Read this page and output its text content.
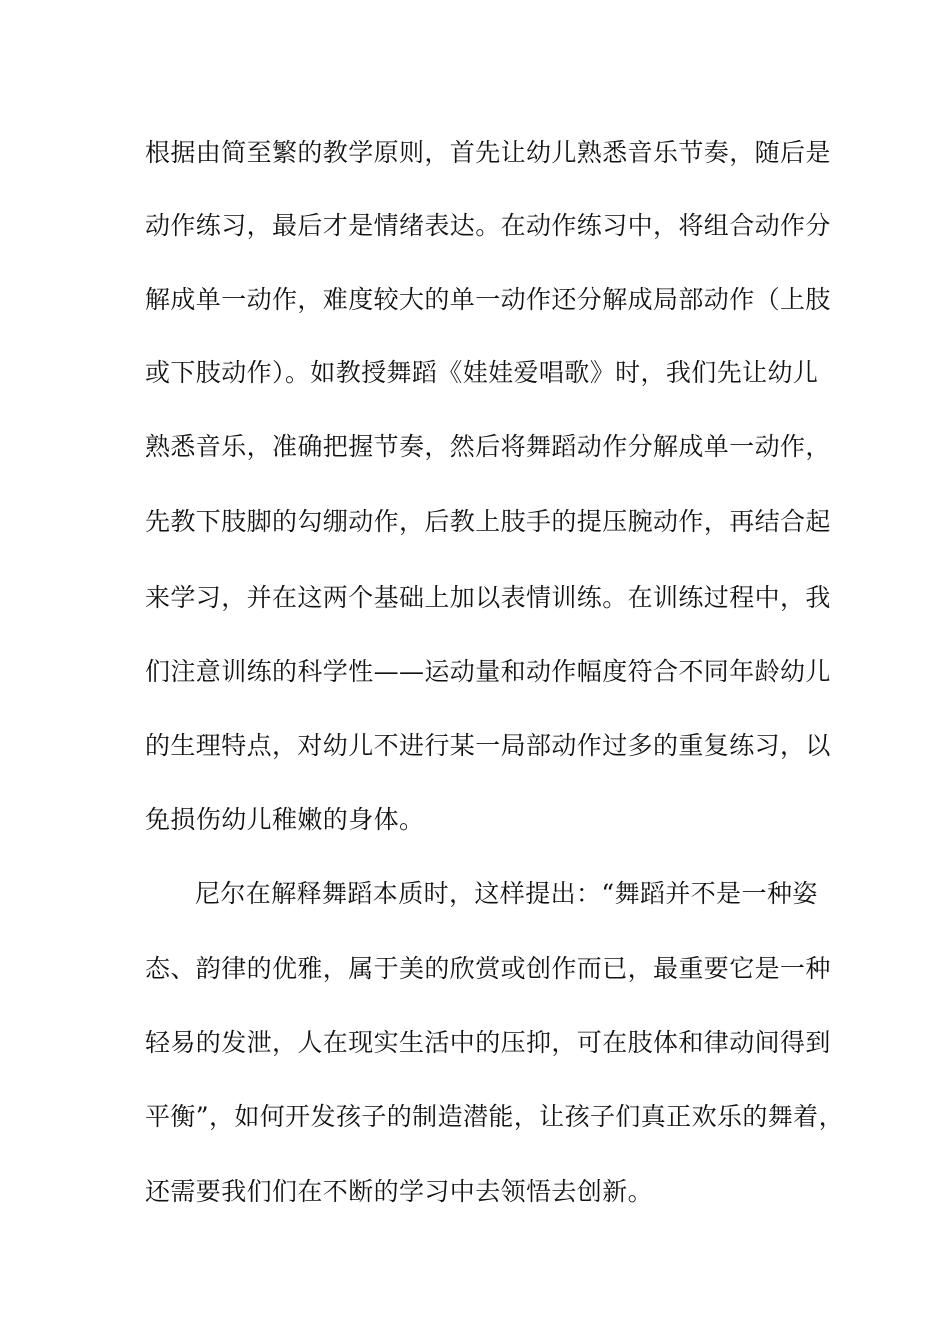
根据由简至繁的教学原则，首先让幼儿熟悉音乐节奏，随后是

动作练习，最后才是情绪表达。在动作练习中，将组合动作分

解成单一动作，难度较大的单一动作还分解成局部动作（上肢

或下肢动作）。如教授舞蹈《娃娃爱唱歌》时，我们先让幼儿

熟悉音乐，准确把握节奏，然后将舞蹈动作分解成单一动作，

先教下肢脚的勾绷动作，后教上肢手的提压腕动作，再结合起

来学习，并在这两个基础上加以表情训练。在训练过程中，我

们注意训练的科学性——运动量和动作幅度符合不同年龄幼儿

的生理特点，对幼儿不进行某一局部动作过多的重复练习，以

免损伤幼儿稚嫩的身体。

尼尔在解释舞蹈本质时，这样提出：“舞蹈并不是一种姿

态、韵律的优雅，属于美的欣赏或创作而已，最重要它是一种

轻易的发泄，人在现实生活中的压抑，可在肢体和律动间得到

平衡”，如何开发孩子的制造潜能，让孩子们真正欢乐的舞着，

还需要我们们在不断的学习中去领悟去创新。
